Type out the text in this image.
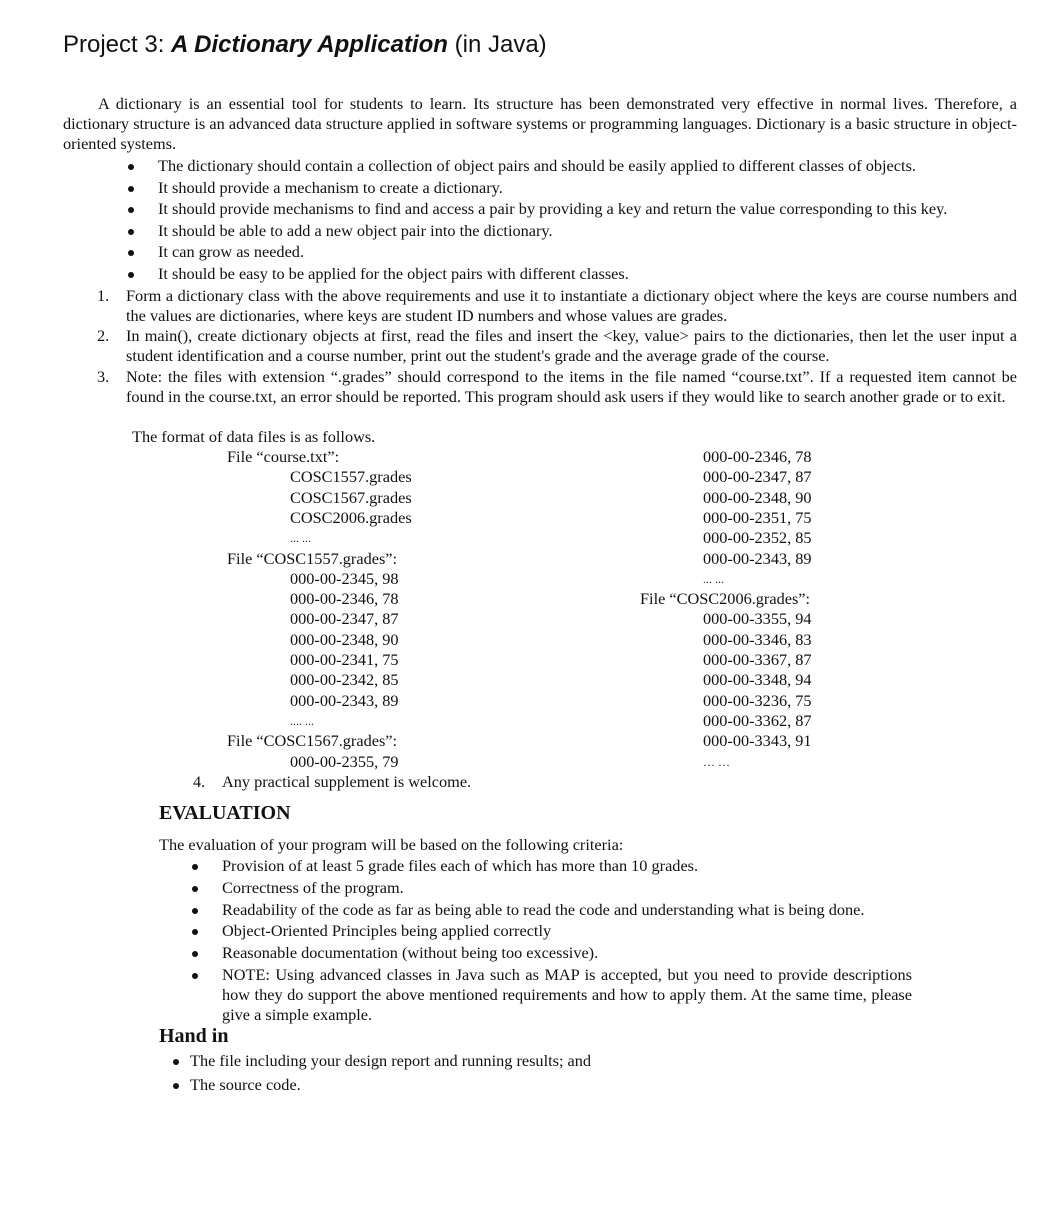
Project 3: A Dictionary Application (in Java)
A dictionary is an essential tool for students to learn. Its structure has been demonstrated very effective in normal lives. Therefore, a dictionary structure is an advanced data structure applied in software systems or programming languages. Dictionary is a basic structure in object-oriented systems.
The dictionary should contain a collection of object pairs and should be easily applied to different classes of objects.
It should provide a mechanism to create a dictionary.
It should provide mechanisms to find and access a pair by providing a key and return the value corresponding to this key.
It should be able to add a new object pair into the dictionary.
It can grow as needed.
It should be easy to be applied for the object pairs with different classes.
1. Form a dictionary class with the above requirements and use it to instantiate a dictionary object where the keys are course numbers and the values are dictionaries, where keys are student ID numbers and whose values are grades.
2. In main(), create dictionary objects at first, read the files and insert the <key, value> pairs to the dictionaries, then let the user input a student identification and a course number, print out the student's grade and the average grade of the course.
3. Note: the files with extension “.grades” should correspond to the items in the file named “course.txt”. If a requested item cannot be found in the course.txt, an error should be reported. This program should ask users if they would like to search another grade or to exit.
The format of data files is as follows.
File “course.txt”:
COSC1557.grades
COSC1567.grades
COSC2006.grades
... ...
File “COSC1557.grades”:
000-00-2345, 98
000-00-2346, 78
000-00-2347, 87
000-00-2348, 90
000-00-2341, 75
000-00-2342, 85
000-00-2343, 89
.... ...
File “COSC1567.grades”:
000-00-2355, 79
000-00-2346, 78
000-00-2347, 87
000-00-2348, 90
000-00-2351, 75
000-00-2352, 85
000-00-2343, 89
... ...
File “COSC2006.grades”:
000-00-3355, 94
000-00-3346, 83
000-00-3367, 87
000-00-3348, 94
000-00-3236, 75
000-00-3362, 87
000-00-3343, 91
… …
4. Any practical supplement is welcome.
EVALUATION
The evaluation of your program will be based on the following criteria:
Provision of at least 5 grade files each of which has more than 10 grades.
Correctness of the program.
Readability of the code as far as being able to read the code and understanding what is being done.
Object-Oriented Principles being applied correctly
Reasonable documentation (without being too excessive).
NOTE: Using advanced classes in Java such as MAP is accepted, but you need to provide descriptions how they do support the above mentioned requirements and how to apply them. At the same time, please give a simple example.
Hand in
The file including your design report and running results; and
The source code.
